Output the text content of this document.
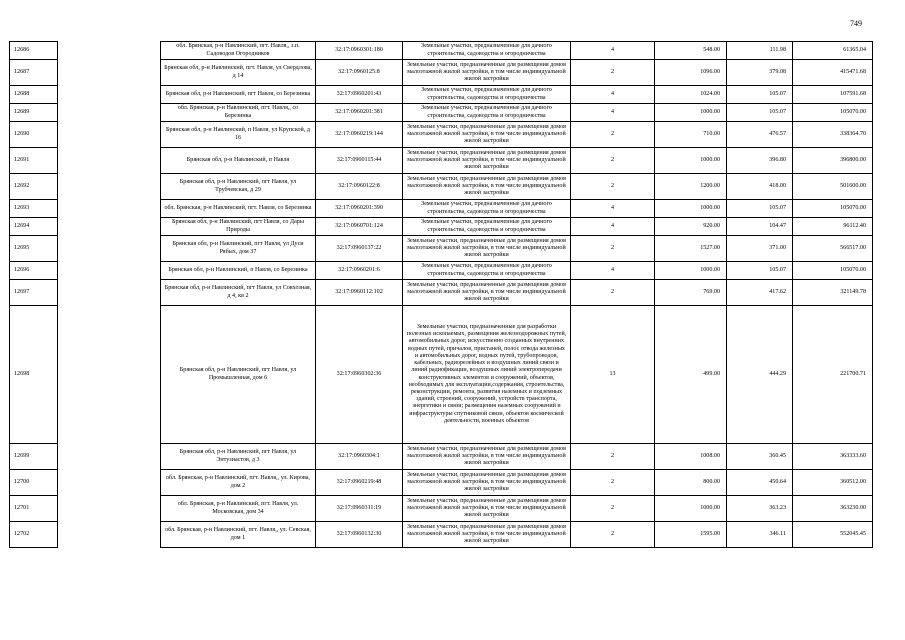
749
12686		обл. Брянская, р-н Навлинский, пгт. Навля,, з.п. Садоводов Огородников	32:17:0960301:180	Земельные участки, предназначенные для дачного строительства, садоводства и огородничества	4	548.00	111.98	61365.04
12687		Брянская обл, р-н Навлинский, пгт. Навля, ул Свердлова, д 14	32:17:0960125:8	Земельные участки, предназначенные для размещения домов малоэтажной жилой застройки, в том числе индивидуальной жилой застройки	2	1096.00	379.08	415471.68
12688		Брянская обл, р-н Навлинский, пгт Навля, со Березинка	32:17:0960201:43	Земельные участки, предназначенные для дачного строительства, садоводства и огородничества	4	1024.00	105.07	107591.68
12689		обл. Брянская, р-н Навлинский, пгт. Навля,, со Березинка	32:17:0960201:381	Земельные участки, предназначенные для дачного строительства, садоводства и огородничества	4	1000.00	105.07	105070.00
12690		Брянская обл, р-н Навлинский, п Навля, ул Крупской, д 16	32:17:0960219:144	Земельные участки, предназначенные для размещения домов малоэтажной жилой застройки, в том числе индивидуальной жилой застройки	2	710.00	476.57	338364.70
12691		Брянская обл, р-н Навлинский, п Навля	32:17:0960115:44	Земельные участки, предназначенные для размещения домов малоэтажной жилой застройки, в том числе индивидуальной жилой застройки	2	1000.00	396.80	396800.00
12692		Брянская обл, р-н Навлинский, пгт Навля, ул Трубчевская, д 29	32:17:0960122:8	Земельные участки, предназначенные для размещения домов малоэтажной жилой застройки, в том числе индивидуальной жилой застройки	2	1200.00	418.00	501600.00
12693		обл. Брянская, р-н Навлинский, пгт. Навля, со Березинка	32:17:0960201:390	Земельные участки, предназначенные для дачного строительства, садоводства и огородничества	4	1000.00	105.07	105070.00
12694		Брянская обл, р-н Навлинский, пгт Навля, со Дары Природы	32:17:0960701:124	Земельные участки, предназначенные для дачного строительства, садоводства и огородничества	4	920.00	104.47	96112.40
12695		Брянская обл, р-н Навлинский, пгт Навля, ул Дуси Рябых, дом 37	32:17:0960137:22	Земельные участки, предназначенные для размещения домов малоэтажной жилой застройки, в том числе индивидуальной жилой застройки	2	1527.00	371.00	566517.00
12696		Брянская обл, р-н Навлинский, п Навля, со Березинка	32:17:0960201:6	Земельные участки, предназначенные для дачного строительства, садоводства и огородничества	4	1000.00	105.07	105070.00
12697		Брянская обл, р-н Навлинский, пгт Навля, ул Совхозная, д 4, кв 2	32:17:0960112:102	Земельные участки, предназначенные для размещения домов малоэтажной жилой застройки, в том числе индивидуальной жилой застройки	2	769.00	417.62	321149.78
12698		Брянская обл, р-н Навлинский, пгт Навля, ул Промышленная, дом 6	32:17:0960302:36	Земельные участки, предназначенные для разработки полезных ископаемых, размещения железнодорожных путей, автомобильных дорог, искусственно созданных внутренних водных путей, причалов, пристаней, полос отвода железных и автомобильных дорог, водных путей, трубопроводов, кабельных, радиорелейных и воздушных линий связи и линий радиофикации, воздушных линий электропередачи конструктивных элементов и сооружений, объектов, необходимых для эксплуатации,содержания, строительства, реконструкции, ремонта, развития наземных и подземных зданий, строений, сооружений, устройств транспорта, энергетики и связи; размещения наземных сооружений и инфраструктуры спутниковой связи, объектов космической деятельности, военных объектов	13	499.00	444.29	221700.71
12699		Брянская обл, р-н Навлинский, пгт Навля, ул Энтузиастов, д 3	32:17:0960304:1	Земельные участки, предназначенные для размещения домов малоэтажной жилой застройки, в том числе индивидуальной жилой застройки	2	1008.00	360.45	363333.60
12700		обл. Брянская, р-н Навлинский, пгт. Навля,, ул. Кирова, дом 2	32:17:0960219:48	Земельные участки, предназначенные для размещения домов малоэтажной жилой застройки, в том числе индивидуальной жилой застройки	2	800.00	450.64	360512.00
12701		обл. Брянская, р-н Навлинский, пгт. Навля, ул. Московская, дом 34	32:17:0960311:19	Земельные участки, предназначенные для размещения домов малоэтажной жилой застройки, в том числе индивидуальной жилой застройки	2	1000.00	363.23	363230.00
12702		обл. Брянская, р-н Навлинский, пгт. Навля,, ул. Севская, дом 1	32:17:0960132:30	Земельные участки, предназначенные для размещения домов малоэтажной жилой застройки, в том числе индивидуальной жилой застройки	2	1595.00	346.11	552045.45
